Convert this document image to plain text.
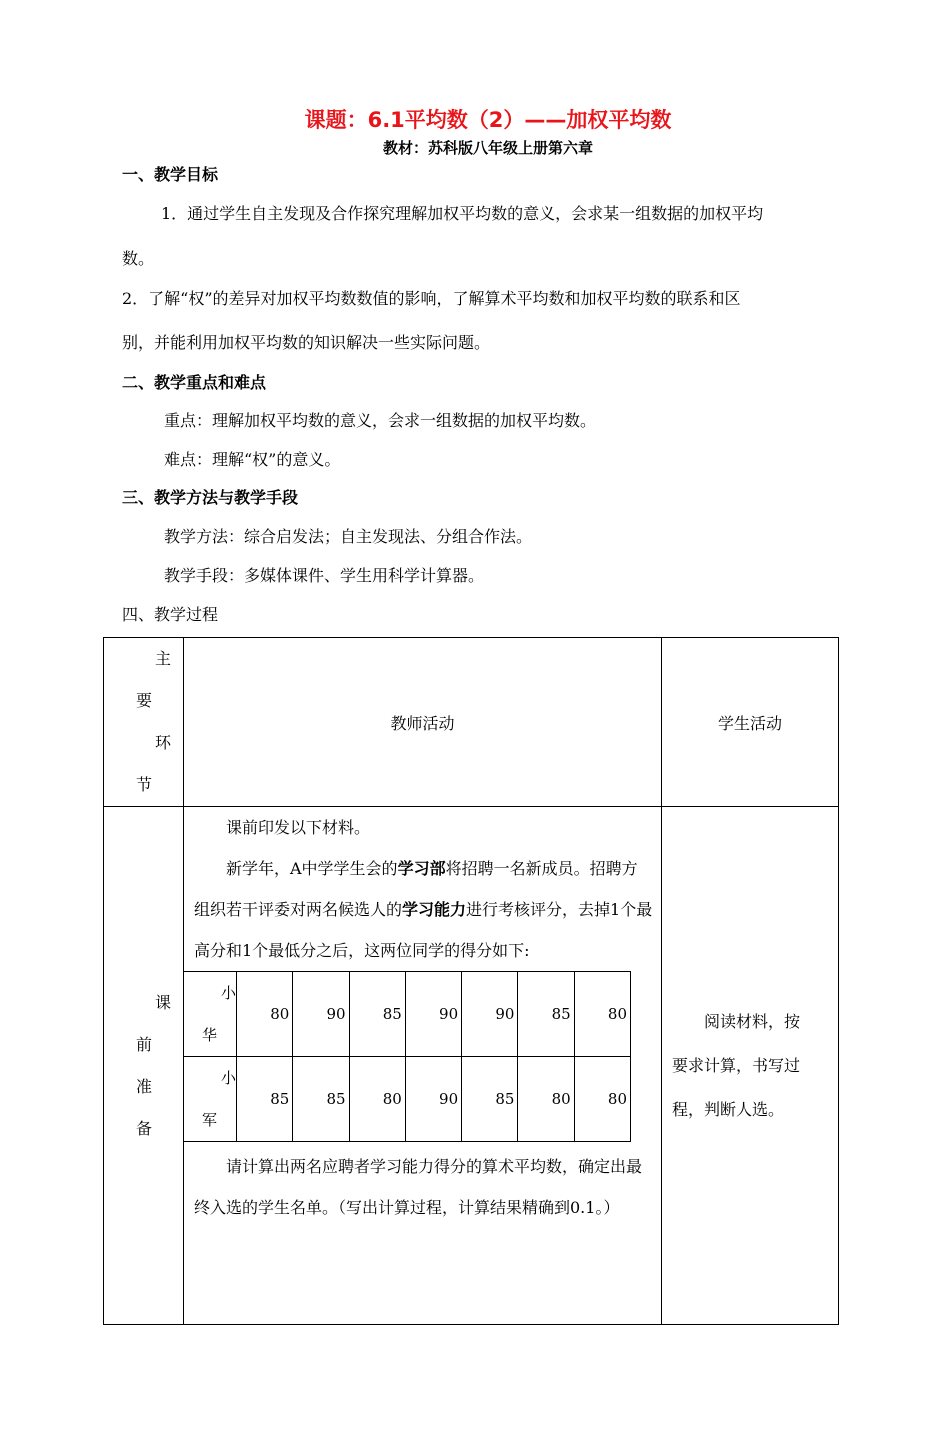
课题：6.1平均数（2）——加权平均数
教材：苏科版八年级上册第六章
一、教学目标
1．通过学生自主发现及合作探究理解加权平均数的意义，会求某一组数据的加权平均
数。
2．了解“权”的差异对加权平均数数值的影响，了解算术平均数和加权平均数的联系和区
别，并能利用加权平均数的知识解决一些实际问题。
二、教学重点和难点
重点：理解加权平均数的意义，会求一组数据的加权平均数。
难点：理解“权”的意义。
三、教学方法与教学手段
教学方法：综合启发法；自主发现法、分组合作法。
教学手段：多媒体课件、学生用科学计算器。
四、教学过程
主
要
环
节
	教师活动	学生活动

课
前
准
备

课前印发以下材料。

新学年，A中学学生会的学习部将招聘一名新成员。招聘方组织若干评委对两名候选人的学习能力进行考核评分，去掉1个最高分和1个最低分之后，这两位同学的得分如下:

小
华
	80	90	85	90	90	85	80

小
军
	85	85	80	90	85	80	80

请计算出两名应聘者学习能力得分的算术平均数，确定出最终入选的学生名单。（写出计算过程，计算结果精确到0.1。）

阅读材料，按

要求计算，书写过

程，判断人选。
